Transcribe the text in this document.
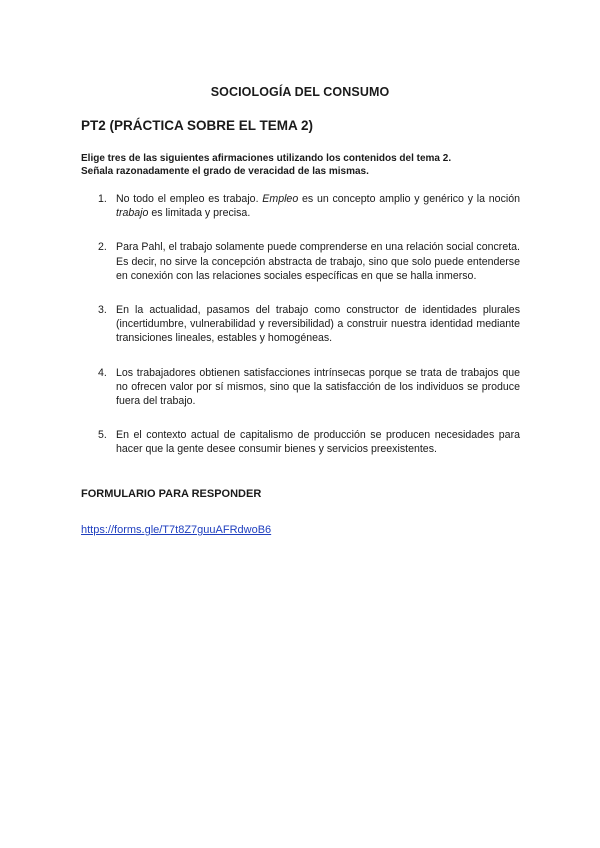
SOCIOLOGÍA DEL CONSUMO
PT2 (PRÁCTICA SOBRE EL TEMA 2)
Elige tres de las siguientes afirmaciones utilizando los contenidos del tema 2.
Señala razonadamente el grado de veracidad de las mismas.
1. No todo el empleo es trabajo. Empleo es un concepto amplio y genérico y la noción trabajo es limitada y precisa.
2. Para Pahl, el trabajo solamente puede comprenderse en una relación social concreta. Es decir, no sirve la concepción abstracta de trabajo, sino que solo puede entenderse en conexión con las relaciones sociales específicas en que se halla inmerso.
3. En la actualidad, pasamos del trabajo como constructor de identidades plurales (incertidumbre, vulnerabilidad y reversibilidad) a construir nuestra identidad mediante transiciones lineales, estables y homogéneas.
4. Los trabajadores obtienen satisfacciones intrínsecas porque se trata de trabajos que no ofrecen valor por sí mismos, sino que la satisfacción de los individuos se produce fuera del trabajo.
5. En el contexto actual de capitalismo de producción se producen necesidades para hacer que la gente desee consumir bienes y servicios preexistentes.
FORMULARIO PARA RESPONDER
https://forms.gle/T7t8Z7guuAFRdwoB6
